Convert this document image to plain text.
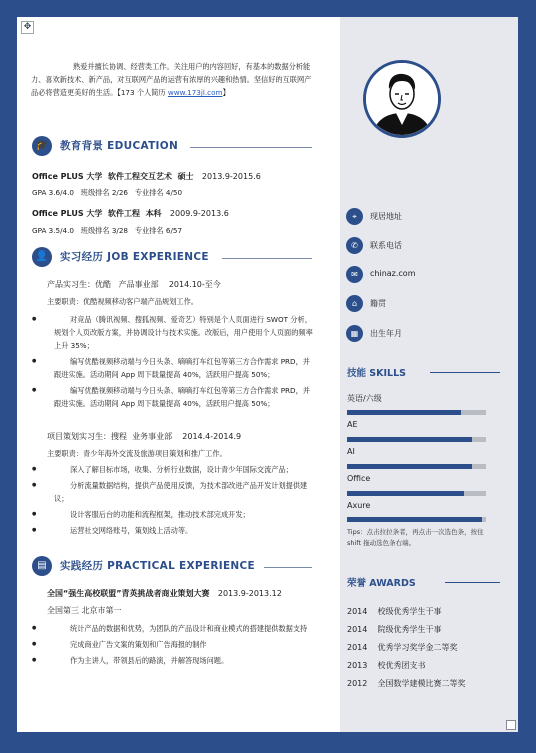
✥
熟爱并擅长协调、经营类工作。关注用户的内容回好，有基本的数据分析能力、喜欢新技术、新产品，对互联网产品的运营有浓厚的兴趣和热情。坚信好的互联网产品必将营造更美好的生活。【173 个人简历 www.173jl.com】
🎓	教育背景 EDUCATION
Office PLUS 大学 软件工程交互艺术 硕士 2013.9-2015.6
GPA 3.6/4.0 班级排名 2/26 专业排名 4/50
Office PLUS 大学 软件工程 本科 2009.9-2013.6
GPA 3.5/4.0 班级排名 3/28 专业排名 6/57
👤	实习经历 JOB EXPERIENCE
产品实习生：优酷 产品事业部 2014.10-至今
主要职责：优酷视频移动客户端产品规划工作。
● 对竞品（腾讯视频、搜狐视频、爱奇艺）特别是个人页面进行 SWOT 分析，规划个人页改版方案，并协调设计与技术实施。改版后，用户使用个人页面的频率上升 35%；
● 编写优酷视频移动端与今日头条、嘀嘀打车红包等第三方合作需求 PRD，并跟进实施。活动期间 App 周下载量提高 40%，活跃用户提高 50%；
● 编写优酷视频移动端与今日头条、嘀嘀打车红包等第三方合作需求 PRD，并跟进实施。活动期间 App 周下载量提高 40%，活跃用户提高 50%；
项目策划实习生：搜程 业务事业部 2014.4-2014.9
主要职责：青少年海外交流及旅游项目策划和推广工作。
● 深入了解目标市场，收集、分析行业数据，设计青少年国际交流产品；
● 分析流量数据结构，提供产品使用反馈，为技术部改进产品开发计划提供建议；
● 设计客服后台的功能和流程框架，推动技术部完成开发；
● 运营社交网络账号，策划线上活动等。
▤	实践经历 PRACTICAL EXPERIENCE
全国“强生高校联盟”青英挑战者商业策划大赛 2013.9-2013.12
全国第三 北京市第一
● 统计产品的数据和优势，为团队的产品设计和商业模式的搭建提供数据支持
● 完成商业广告文案的策划和广告海报的制作
● 作为主讲人，带领县后的路演，并解答现场问题。
⌖	现居地址
✆	联系电话
✉	chinaz.com
⌂	籍贯
▦	出生年月
技能 SKILLS
英语/六级
AE
AI
Office
Axure
Tips：点击拉拉条者，再点击一次选色条，按住 shift 拖动选色条右端。
荣誉 AWARDS
2014 校级优秀学生干事
2014 院级优秀学生干事
2014 优秀学习奖学金二等奖
2013 校优秀团支书
2012 全国数学建模比赛二等奖
